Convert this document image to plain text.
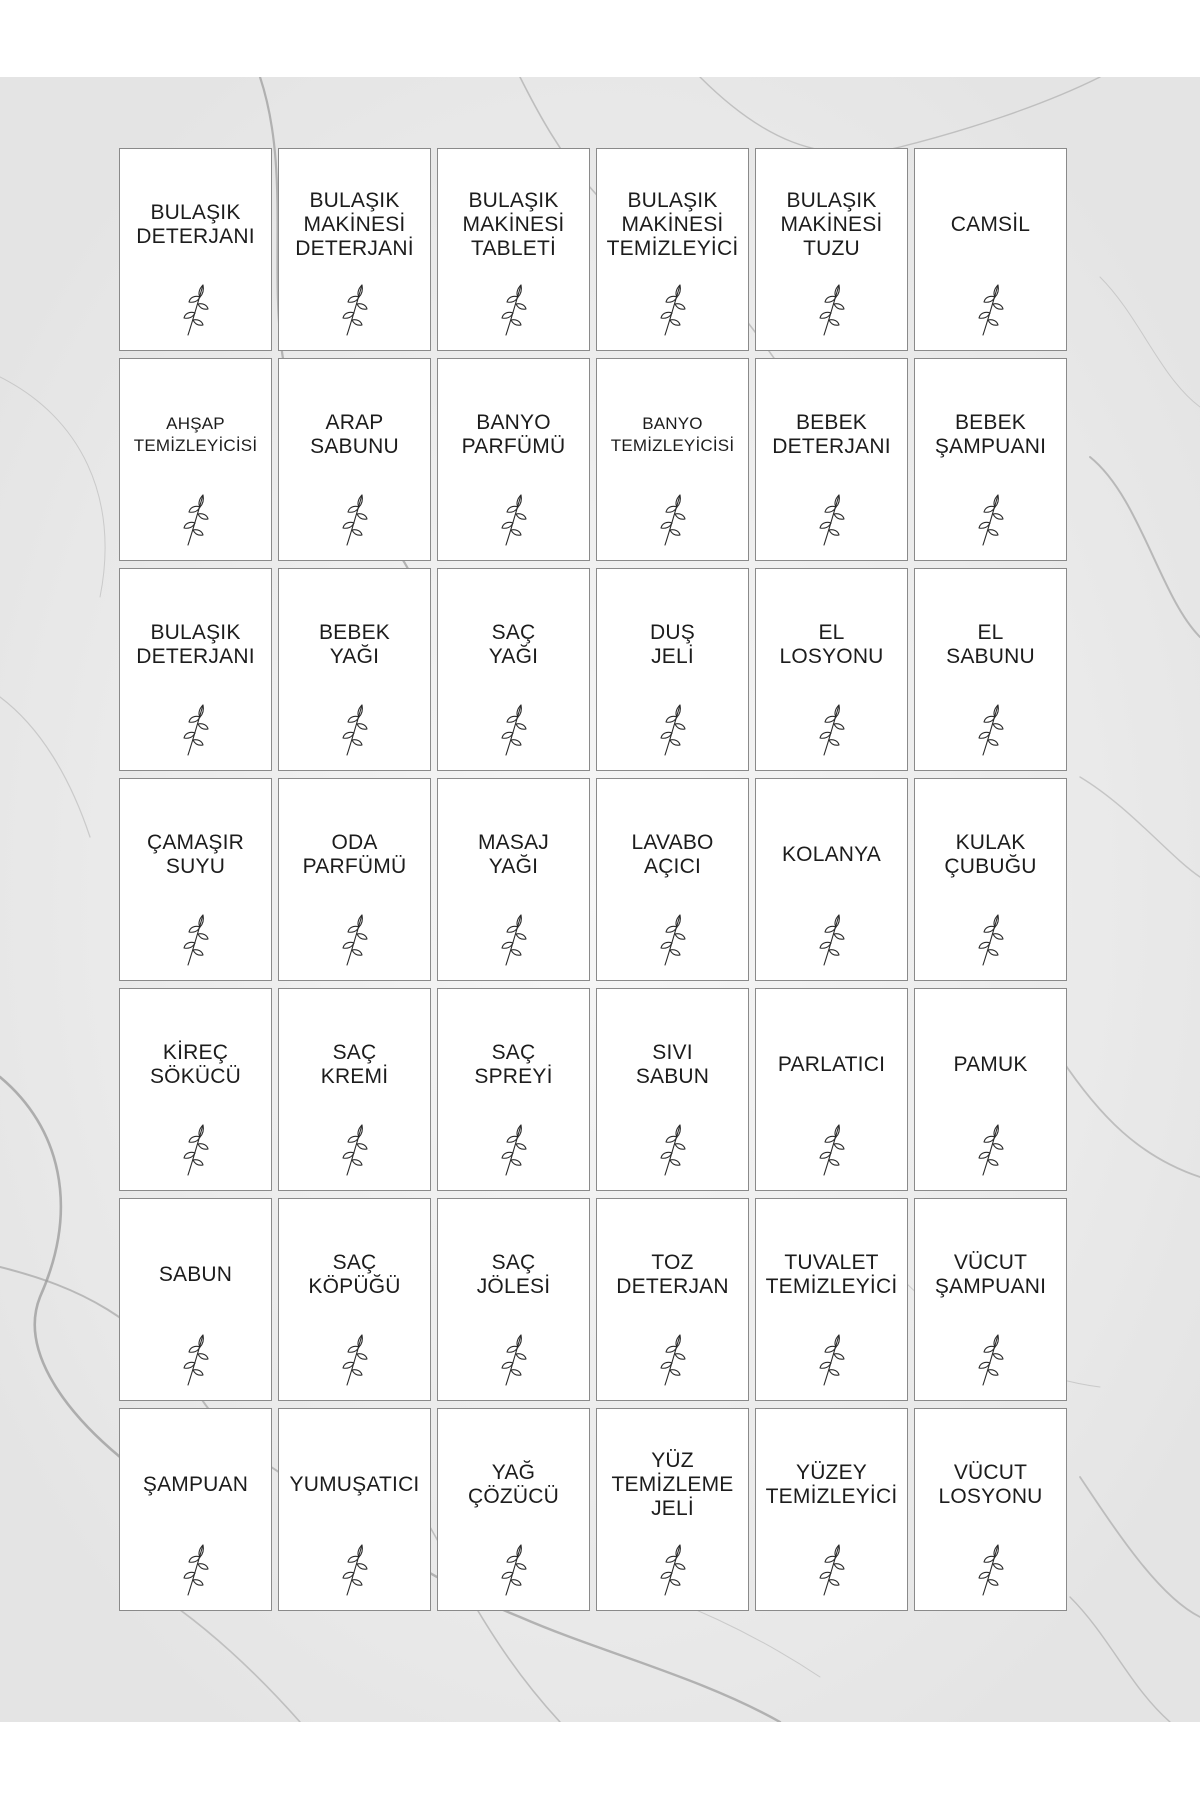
BULAŞIK
DETERJANI
BULAŞIK
MAKİNESİ
DETERJANİ
BULAŞIK
MAKİNESİ
TABLETİ
BULAŞIK
MAKİNESİ
TEMİZLEYİCİ
BULAŞIK
MAKİNESİ
TUZU
CAMSİL
AHŞAP
TEMİZLEYİCİSİ
ARAP
SABUNU
BANYO
PARFÜMÜ
BANYO
TEMİZLEYİCİSİ
BEBEK
DETERJANI
BEBEK
ŞAMPUANI
BULAŞIK
DETERJANI
BEBEK
YAĞI
SAÇ
YAĞI
DUŞ
JELİ
EL
LOSYONU
EL
SABUNU
ÇAMAŞIR
SUYU
ODA
PARFÜMÜ
MASAJ
YAĞI
LAVABO
AÇICI
KOLANYA
KULAK
ÇUBUĞU
KİREÇ
SÖKÜCÜ
SAÇ
KREMİ
SAÇ
SPREYİ
SIVI
SABUN
PARLATICI	PAMUK
SABUN
SAÇ
KÖPÜĞÜ
SAÇ
JÖLESİ
TOZ
DETERJAN
TUVALET
TEMİZLEYİCİ
VÜCUT
ŞAMPUANI
ŞAMPUAN	YUMUŞATICI
YAĞ
ÇÖZÜCÜ
YÜZ
TEMİZLEME
JELİ
YÜZEY
TEMİZLEYİCİ
VÜCUT
LOSYONU
